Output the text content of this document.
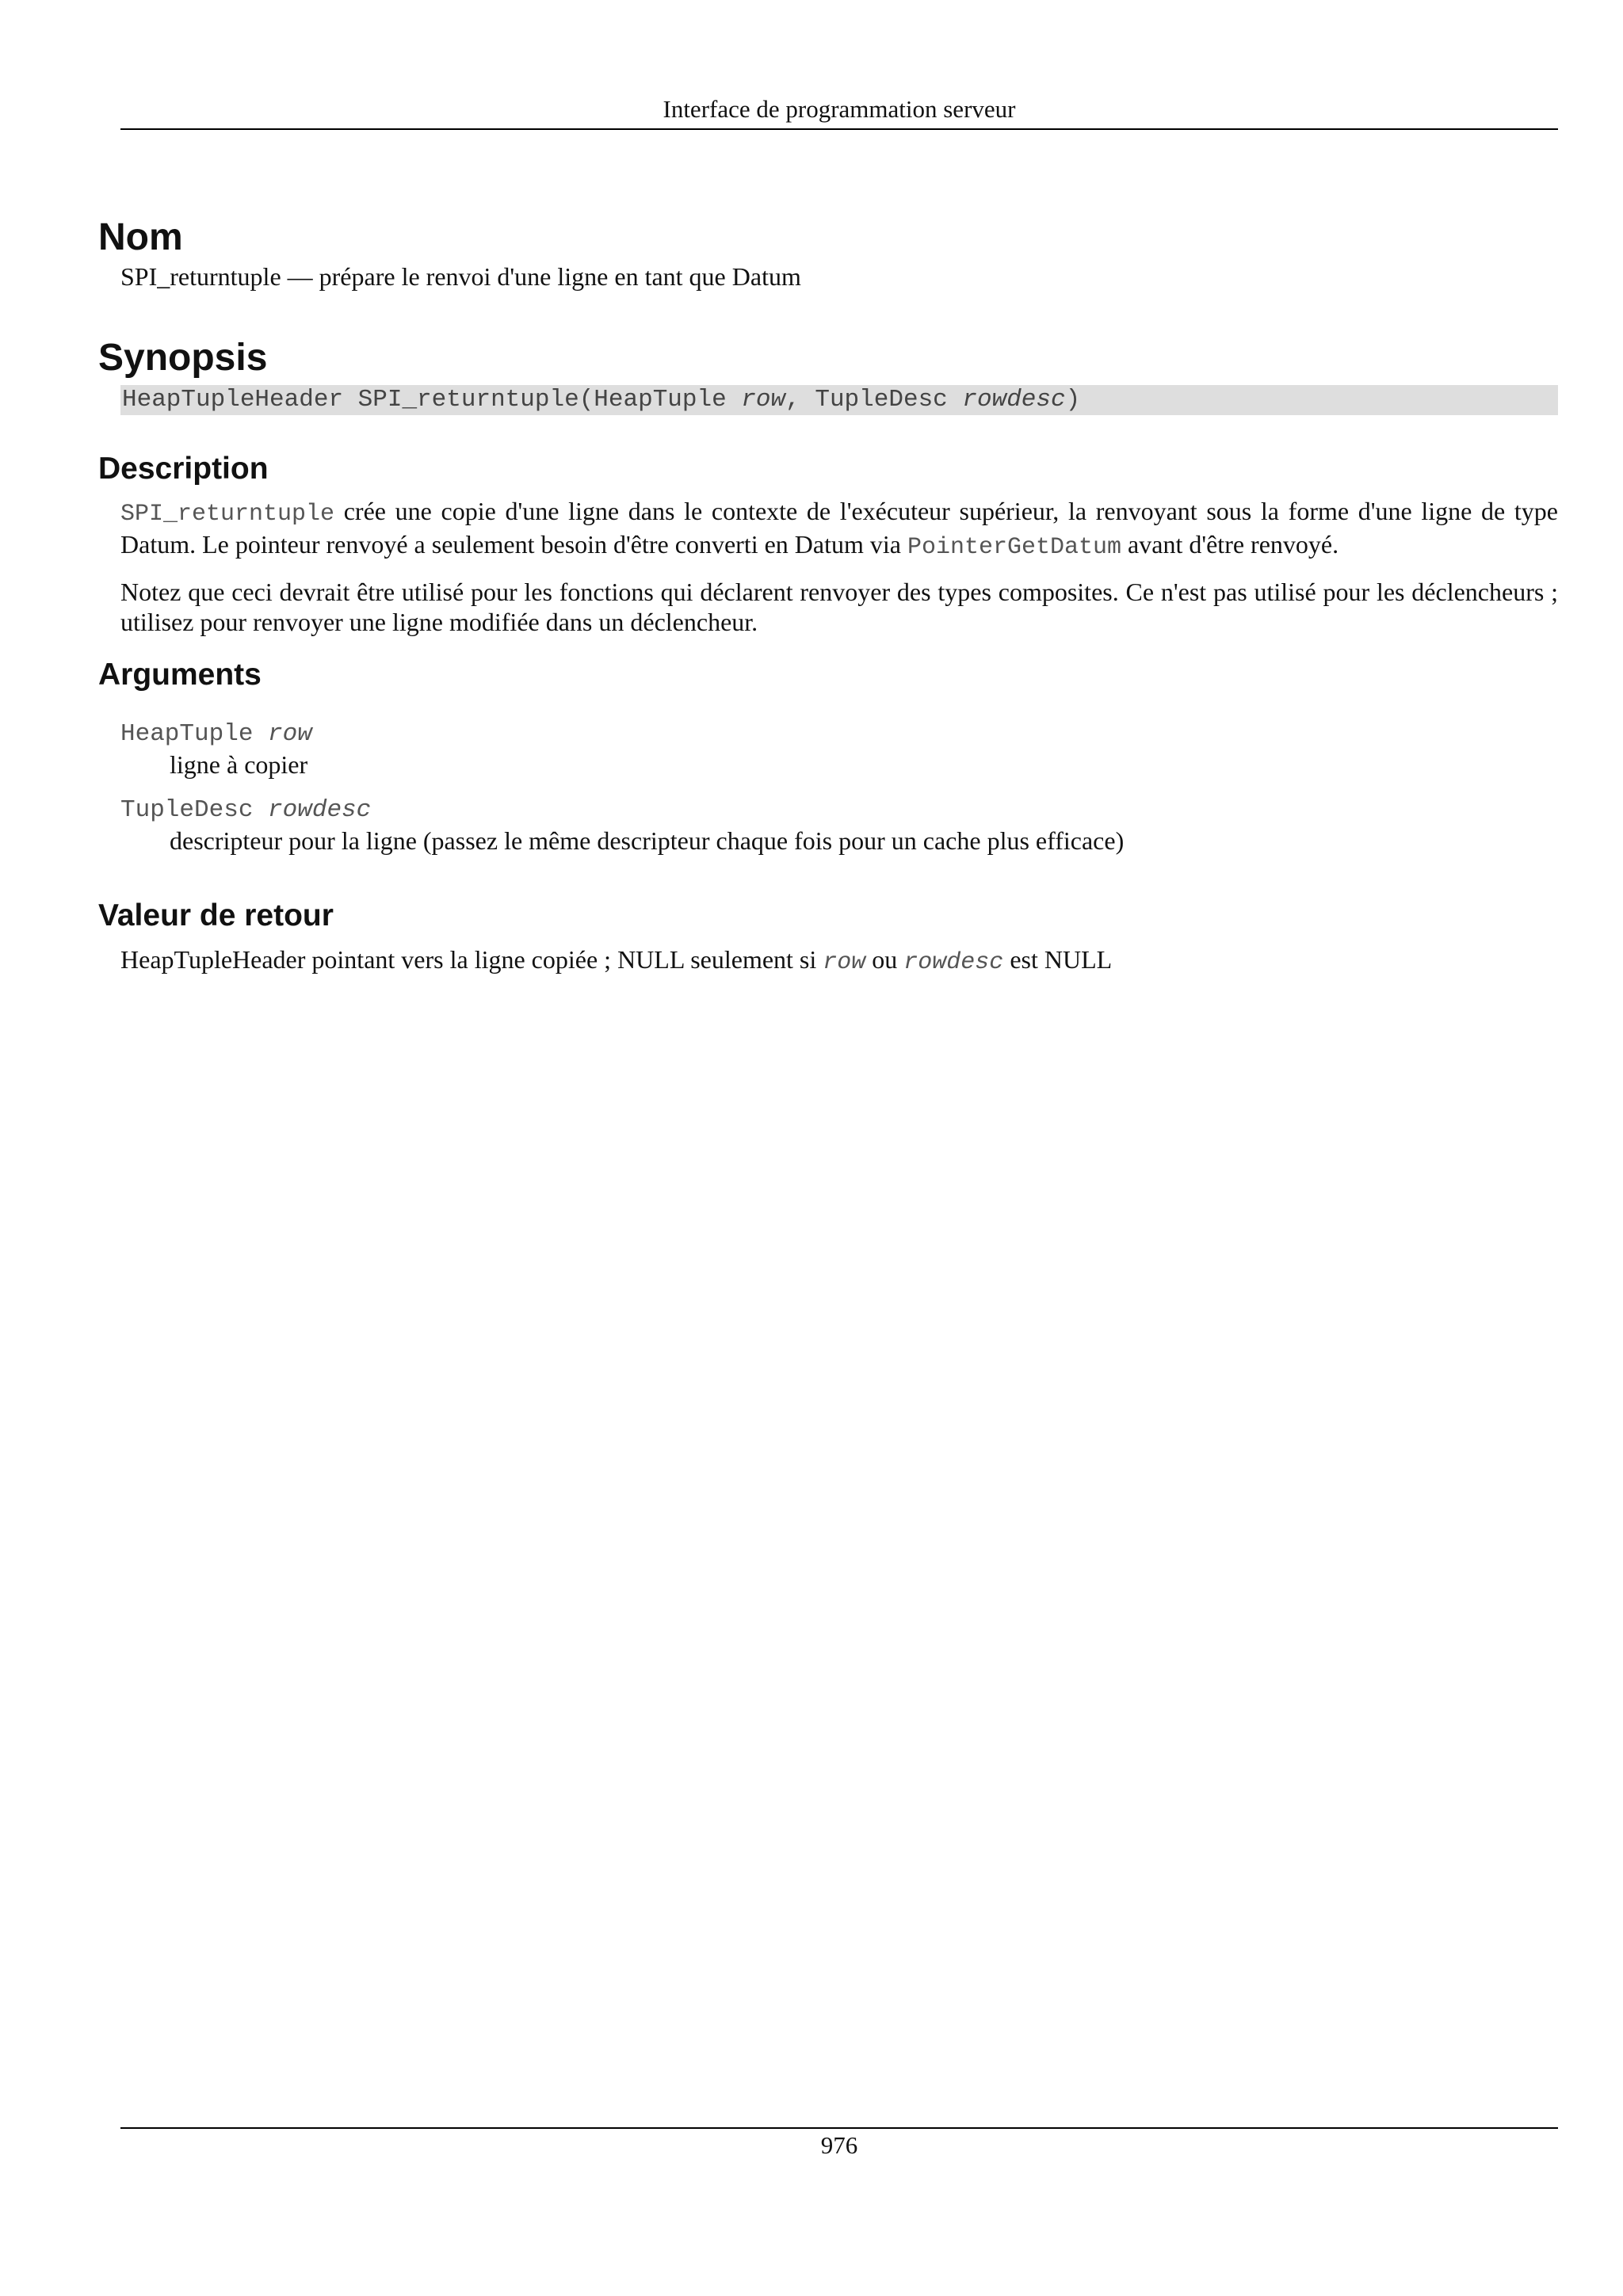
Interface de programmation serveur
Nom

SPI_returntuple — prépare le renvoi d'une ligne en tant que Datum

Synopsis
HeapTupleHeader SPI_returntuple(HeapTuple row, TupleDesc rowdesc)
Description

SPI_returntuple crée une copie d'une ligne dans le contexte de l'exécuteur supérieur, la renvoyant sous la forme d'une ligne de type Datum. Le pointeur renvoyé a seulement besoin d'être converti en Datum via PointerGetDatum avant d'être renvoyé.

Notez que ceci devrait être utilisé pour les fonctions qui déclarent renvoyer des types composites. Ce n'est pas utilisé pour les déclencheurs ; utilisez pour renvoyer une ligne modifiée dans un déclencheur.

Arguments
HeapTuple row
ligne à copier
TupleDesc rowdesc
descripteur pour la ligne (passez le même descripteur chaque fois pour un cache plus efficace)
Valeur de retour

HeapTupleHeader pointant vers la ligne copiée ; NULL seulement si row ou rowdesc est NULL

976
